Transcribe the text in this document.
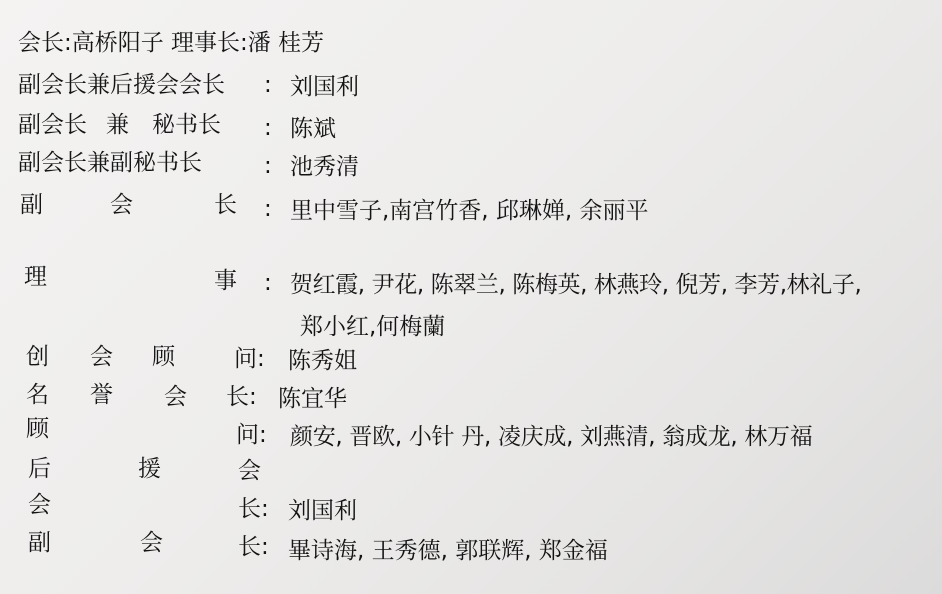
会长:高桥阳子 理事长:潘 桂芳
副会长兼后援会会长 : 刘国利
副会长 兼 秘书长 : 陈斌
副会长兼副秘书长	: 池秀清
副	会	长 : 里中雪子,南宫竹香, 邱琳婵, 余丽平
理	事 : 贺红霞, 尹花, 陈翠兰, 陈梅英, 林燕玲, 倪芳, 李芳,林礼子,
郑小红,何梅蘭
创 会 顾	问: 陈秀姐
名 誉 会 长: 陈宜华
顾	问: 颜安, 晋欧, 小针 丹, 凌庆成, 刘燕清, 翁成龙, 林万福
后	援	会
会	长: 刘国利
副	会	长: 畢诗海, 王秀德, 郭联辉, 郑金福
